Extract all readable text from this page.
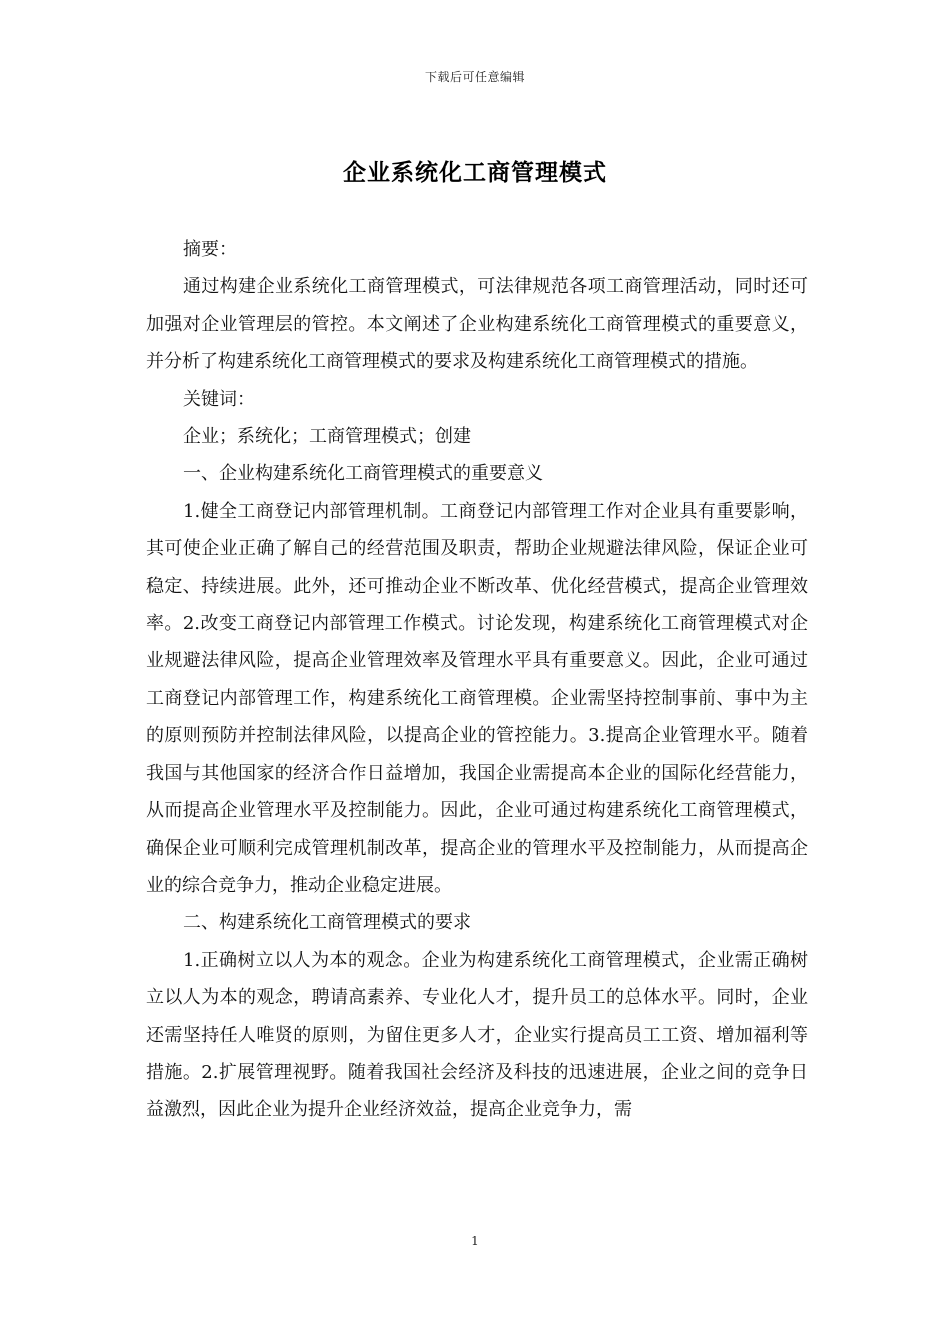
下载后可任意编辑
企业系统化工商管理模式

摘要：

通过构建企业系统化工商管理模式，可法律规范各项工商管理活动，同时还可加强对企业管理层的管控。本文阐述了企业构建系统化工商管理模式的重要意义，并分析了构建系统化工商管理模式的要求及构建系统化工商管理模式的措施。

关键词：

企业；系统化；工商管理模式；创建

一、企业构建系统化工商管理模式的重要意义

1.健全工商登记内部管理机制。工商登记内部管理工作对企业具有重要影响，其可使企业正确了解自己的经营范围及职责，帮助企业规避法律风险，保证企业可稳定、持续进展。此外，还可推动企业不断改革、优化经营模式，提高企业管理效率。2.改变工商登记内部管理工作模式。讨论发现，构建系统化工商管理模式对企业规避法律风险，提高企业管理效率及管理水平具有重要意义。因此，企业可通过工商登记内部管理工作，构建系统化工商管理模。企业需坚持控制事前、事中为主的原则预防并控制法律风险，以提高企业的管控能力。3.提高企业管理水平。随着我国与其他国家的经济合作日益增加，我国企业需提高本企业的国际化经营能力，从而提高企业管理水平及控制能力。因此，企业可通过构建系统化工商管理模式，确保企业可顺利完成管理机制改革，提高企业的管理水平及控制能力，从而提高企业的综合竞争力，推动企业稳定进展。

二、构建系统化工商管理模式的要求

1.正确树立以人为本的观念。企业为构建系统化工商管理模式，企业需正确树立以人为本的观念，聘请高素养、专业化人才，提升员工的总体水平。同时，企业还需坚持任人唯贤的原则，为留住更多人才，企业实行提高员工工资、增加福利等措施。2.扩展管理视野。随着我国社会经济及科技的迅速进展，企业之间的竞争日益激烈，因此企业为提升企业经济效益，提高企业竞争力，需

1
